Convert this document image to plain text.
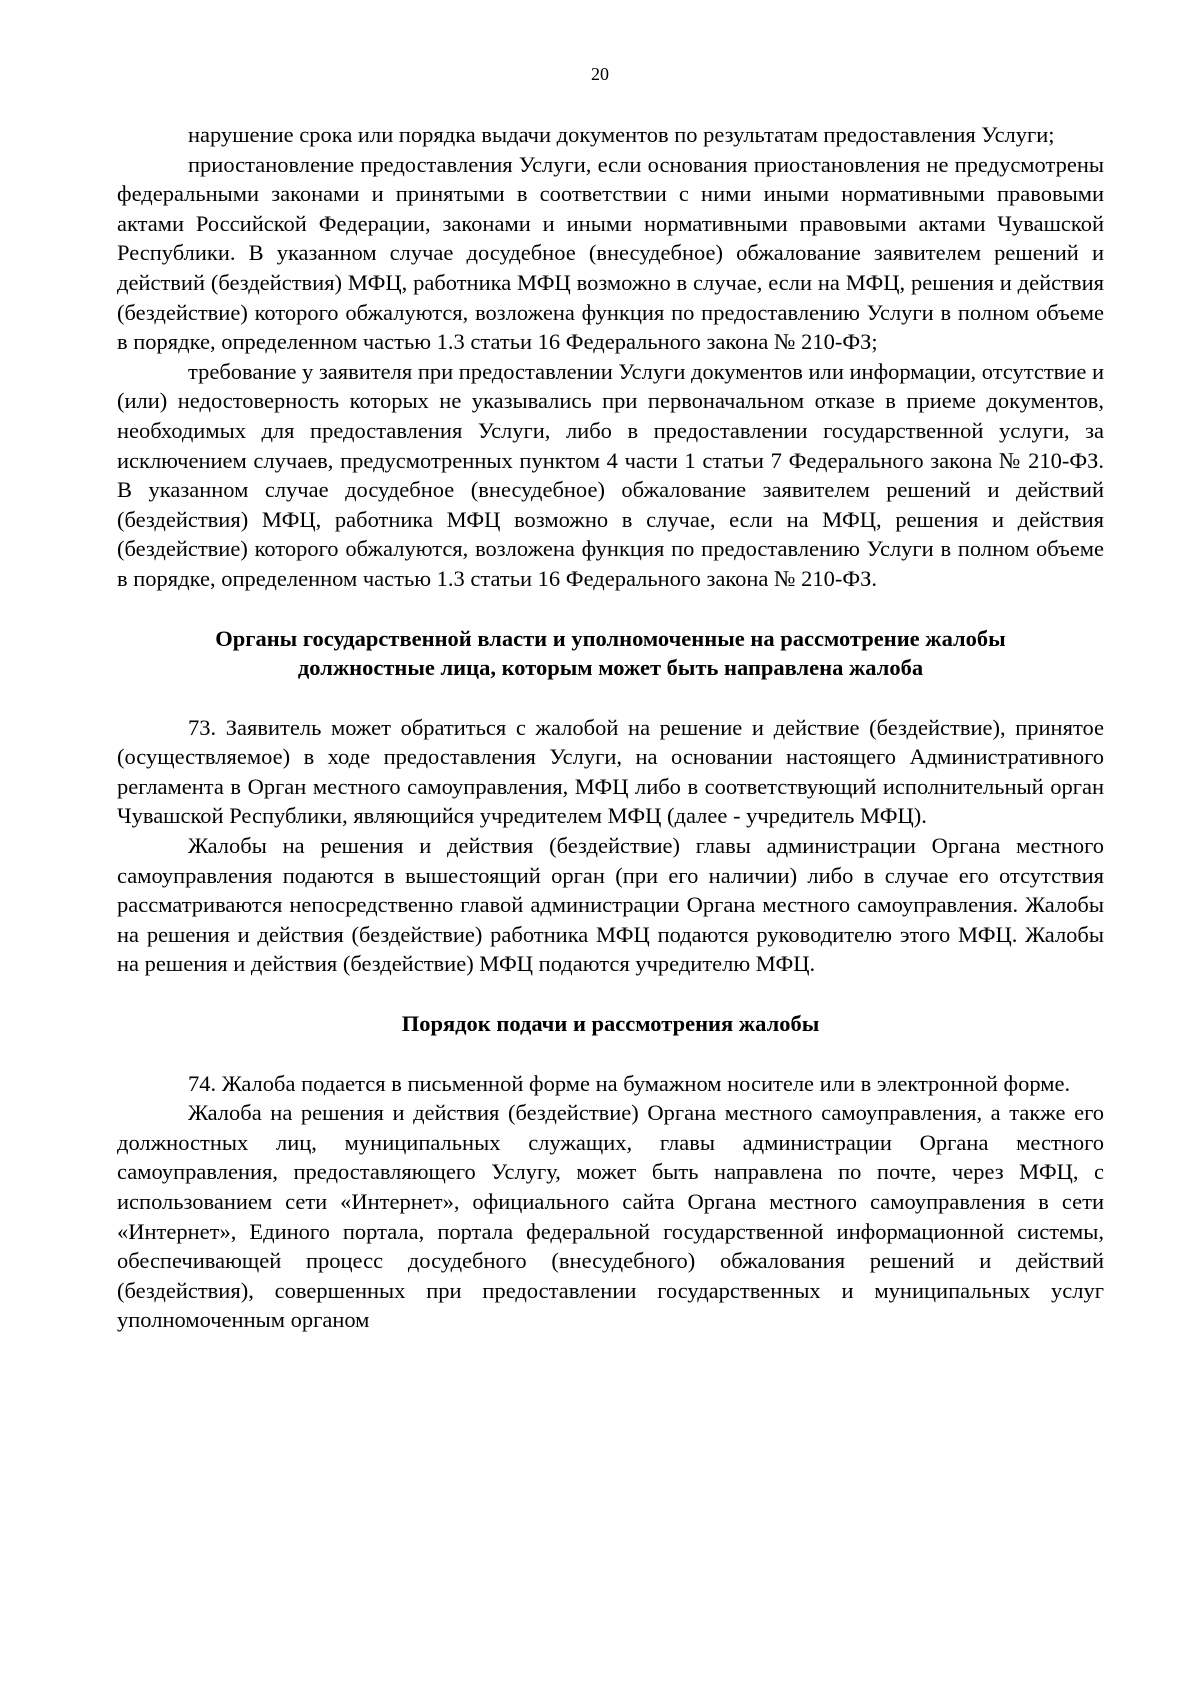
20

нарушение срока или порядка выдачи документов по результатам предоставления Услуги;

приостановление предоставления Услуги, если основания приостановления не предусмотрены федеральными законами и принятыми в соответствии с ними иными нормативными правовыми актами Российской Федерации, законами и иными нормативными правовыми актами Чувашской Республики. В указанном случае досудебное (внесудебное) обжалование заявителем решений и действий (бездействия) МФЦ, работника МФЦ возможно в случае, если на МФЦ, решения и действия (бездействие) которого обжалуются, возложена функция по предоставлению Услуги в полном объеме в порядке, определенном частью 1.3 статьи 16 Федерального закона № 210-ФЗ;

требование у заявителя при предоставлении Услуги документов или информации, отсутствие и (или) недостоверность которых не указывались при первоначальном отказе в приеме документов, необходимых для предоставления Услуги, либо в предоставлении государственной услуги, за исключением случаев, предусмотренных пунктом 4 части 1 статьи 7 Федерального закона № 210-ФЗ. В указанном случае досудебное (внесудебное) обжалование заявителем решений и действий (бездействия) МФЦ, работника МФЦ возможно в случае, если на МФЦ, решения и действия (бездействие) которого обжалуются, возложена функция по предоставлению Услуги в полном объеме в порядке, определенном частью 1.3 статьи 16 Федерального закона № 210-ФЗ.

Органы государственной власти и уполномоченные на рассмотрение жалобы
должностные лица, которым может быть направлена жалоба

73. Заявитель может обратиться с жалобой на решение и действие (бездействие), принятое (осуществляемое) в ходе предоставления Услуги, на основании настоящего Административного регламента в Орган местного самоуправления, МФЦ либо в соответствующий исполнительный орган Чувашской Республики, являющийся учредителем МФЦ (далее - учредитель МФЦ).

Жалобы на решения и действия (бездействие) главы администрации Органа местного самоуправления подаются в вышестоящий орган (при его наличии) либо в случае его отсутствия рассматриваются непосредственно главой администрации Органа местного самоуправления. Жалобы на решения и действия (бездействие) работника МФЦ подаются руководителю этого МФЦ. Жалобы на решения и действия (бездействие) МФЦ подаются учредителю МФЦ.

Порядок подачи и рассмотрения жалобы

74. Жалоба подается в письменной форме на бумажном носителе или в электронной форме.

Жалоба на решения и действия (бездействие) Органа местного самоуправления, а также его должностных лиц, муниципальных служащих, главы администрации Органа местного самоуправления, предоставляющего Услугу, может быть направлена по почте, через МФЦ, с использованием сети «Интернет», официального сайта Органа местного самоуправления в сети «Интернет», Единого портала, портала федеральной государственной информационной системы, обеспечивающей процесс досудебного (внесудебного) обжалования решений и действий (бездействия), совершенных при предоставлении государственных и муниципальных услуг уполномоченным органом
